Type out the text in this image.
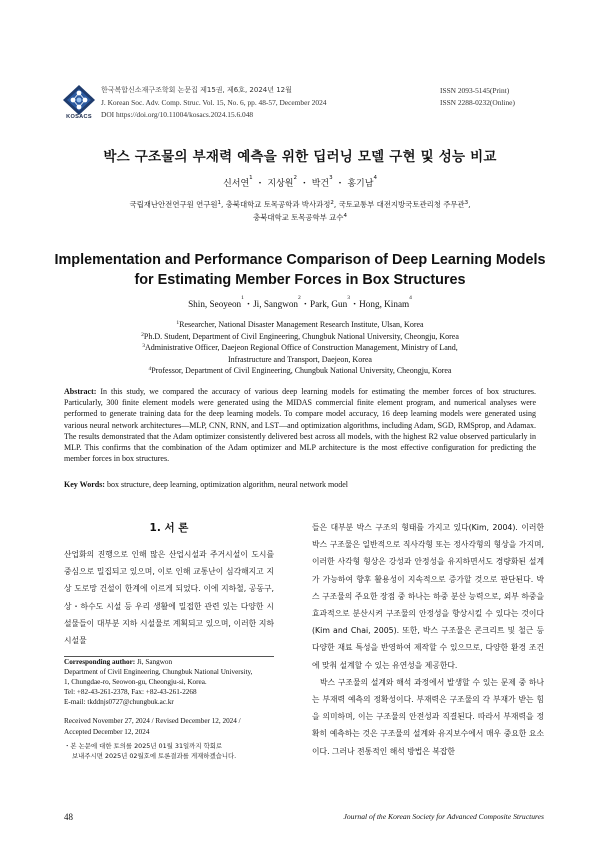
KOSACS
한국복합신소재구조학회 논문집 제15권, 제6호, 2024년 12월
J. Korean Soc. Adv. Comp. Struc. Vol. 15, No. 6, pp. 48-57, December 2024
DOI https://doi.org/10.11004/kosacs.2024.15.6.048
ISSN 2093-5145(Print)
ISSN 2288-0232(Online)
박스 구조물의 부재력 예측을 위한 딥러닝 모델 구현 및 성능 비교
신서연$^1$ ・ 지상원$^2$ ・ 박건$^3$ ・ 홍기남$^4$
국립재난안전연구원 연구원$^1$, 충북대학교 토목공학과 박사과정$^2$, 국토교통부 대전지방국토관리청 주무관$^3$,
충북대학교 토목공학부 교수$^4$
Implementation and Performance Comparison of Deep Learning Models
for Estimating Member Forces in Box Structures
Shin, Seoyeon$^1$・Ji, Sangwon$^2$・Park, Gun$^3$・Hong, Kinam$^4$
$^1$Researcher, National Disaster Management Research Institute, Ulsan, Korea
$^2$Ph.D. Student, Department of Civil Engineering, Chungbuk National University, Cheongju, Korea
$^3$Administrative Officer, Daejeon Regional Office of Construction Management, Ministry of Land,
Infrastructure and Transport, Daejeon, Korea
$^4$Professor, Department of Civil Engineering, Chungbuk National University, Cheongju, Korea
Abstract: In this study, we compared the accuracy of various deep learning models for estimating the member forces of box structures. Particularly, 300 finite element models were generated using the MIDAS commercial finite element program, and numerical analyses were performed to generate training data for the deep learning models. To compare model accuracy, 16 deep learning models were generated using various neural network architectures—MLP, CNN, RNN, and LST—and optimization algorithms, including Adam, SGD, RMSprop, and Adamax. The results demonstrated that the Adam optimizer consistently delivered best across all models, with the highest R2 value observed particularly in MLP. This confirms that the combination of the Adam optimizer and MLP architecture is the most effective configuration for predicting the member forces in box structures.
Key Words: box structure, deep learning, optimization algorithm, neural network model
1. 서 론
산업화의 진행으로 인해 많은 산업시설과 주거시설이 도시를 중심으로 밀집되고 있으며, 이로 인해 교통난이 심각해지고 지상 도로망 건설이 한계에 이르게 되었다. 이에 지하철, 공동구, 상・하수도 시설 등 우리 생활에 밀접한 관련 있는 다양한 시설물들이 대부분 지하 시설물로 계획되고 있으며, 이러한 지하 시설물
들은 대부분 박스 구조의 형태를 가지고 있다(Kim, 2004). 이러한 박스 구조물은 일반적으로 직사각형 또는 정사각형의 형상을 가지며, 이러한 사각형 형상은 강성과 안정성을 유지하면서도 경량화된 설계가 가능하여 향후 활용성이 지속적으로 증가할 것으로 판단된다. 박스 구조물의 주요한 장점 중 하나는 하중 분산 능력으로, 외부 하중을 효과적으로 분산시켜 구조물의 안정성을 향상시킬 수 있다는 것이다(Kim and Chai, 2005). 또한, 박스 구조물은 콘크리트 및 철근 등 다양한 재료 특성을 반영하여 제작할 수 있으므로, 다양한 환경 조건에 맞춰 설계할 수 있는 유연성을 제공한다.
박스 구조물의 설계와 해석 과정에서 발생할 수 있는 문제 중 하나는 부재력 예측의 정확성이다. 부재력은 구조물의 각 부재가 받는 힘을 의미하며, 이는 구조물의 안전성과 직결된다. 따라서 부재력을 정확히 예측하는 것은 구조물의 설계와 유지보수에서 매우 중요한 요소이다. 그러나 전통적인 해석 방법은 복잡한
Corresponding author: Ji, Sangwon
Department of Civil Engineering, Chungbuk National University,
1, Chungdae-ro, Seowon-gu, Cheongju-si, Korea.
Tel: +82-43-261-2378, Fax: +82-43-261-2268
E-mail: tkddnjs0727@chungbuk.ac.kr
Received November 27, 2024 / Revised December 12, 2024 /
Accepted December 12, 2024
・본 논문에 대한 토의를 2025년 01월 31일까지 학회로
보내주시면 2025년 02월호에 토론결과를 게재하겠습니다.
48	Journal of the Korean Society for Advanced Composite Structures
